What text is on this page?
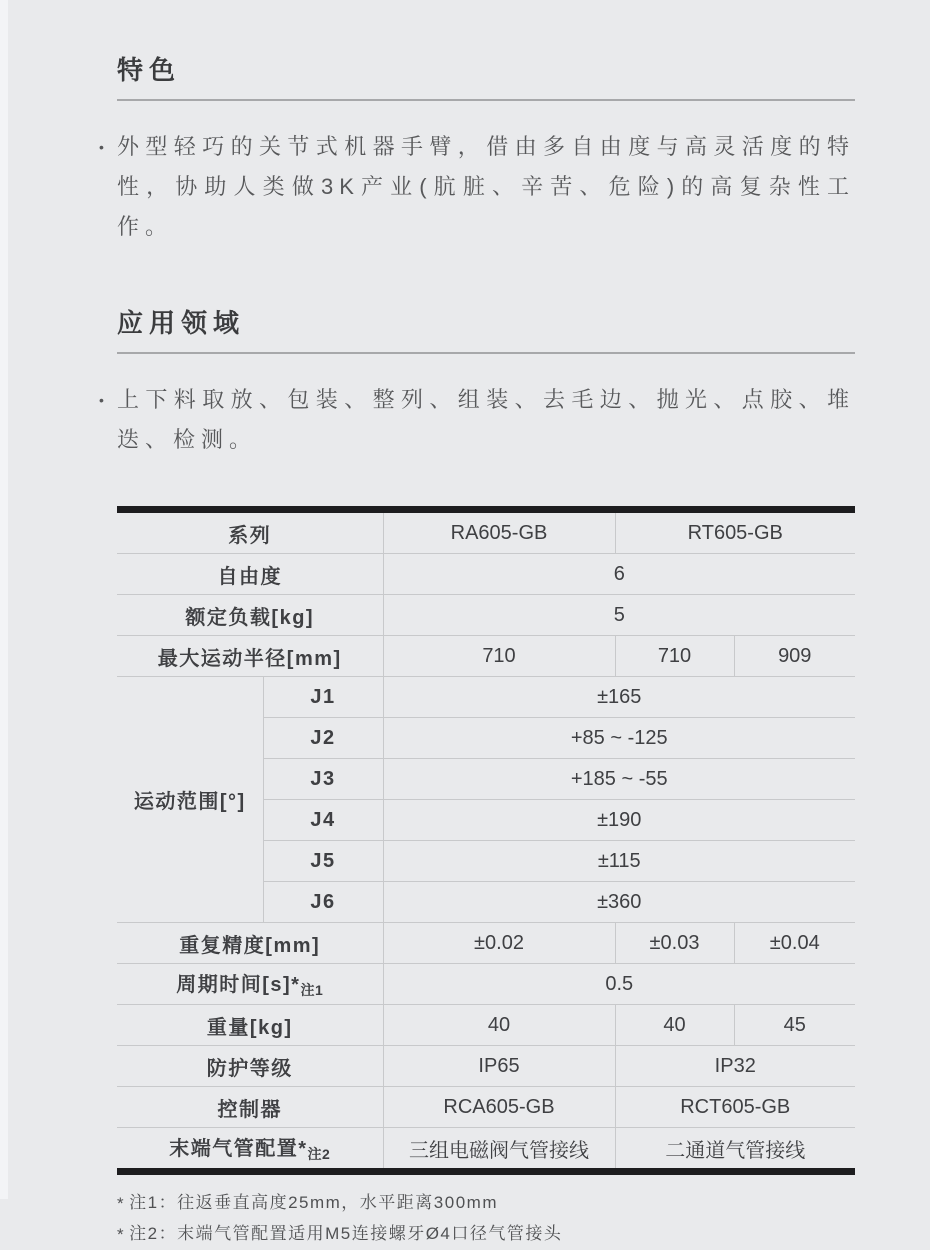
特色
• 外型轻巧的关节式机器手臂，借由多自由度与高灵活度的特性，协助人类做3K产业(肮脏、辛苦、危险)的高复杂性工作。

应用领域
• 上下料取放、包装、整列、组装、去毛边、抛光、点胶、堆迭、检测。

系列		RA605-GB	RT605-GB	
自由度		6		
额定负载[kg]		5		
最大运动半径[mm]		710	710	909
运动范围[°]	J1	±165		
	J2	+85 ~ -125		
	J3	+185 ~ -55		
	J4	±190		
	J5	±115		
	J6	±360		
重复精度[mm]		±0.02	±0.03	±0.04
周期时间$[s]*_{注1}$		0.5		
重量[kg]		40	40	45
防护等级		IP65	IP32	
控制器		RCA605-GB	RCT605-GB	
末端气管配置$*_{注2}$		三组电磁阀气管接线	二通道气管接线	
* 注1：往返垂直高度25mm，水平距离300mm
* 注2：末端气管配置适用M5连接螺牙Ø4口径气管接头
